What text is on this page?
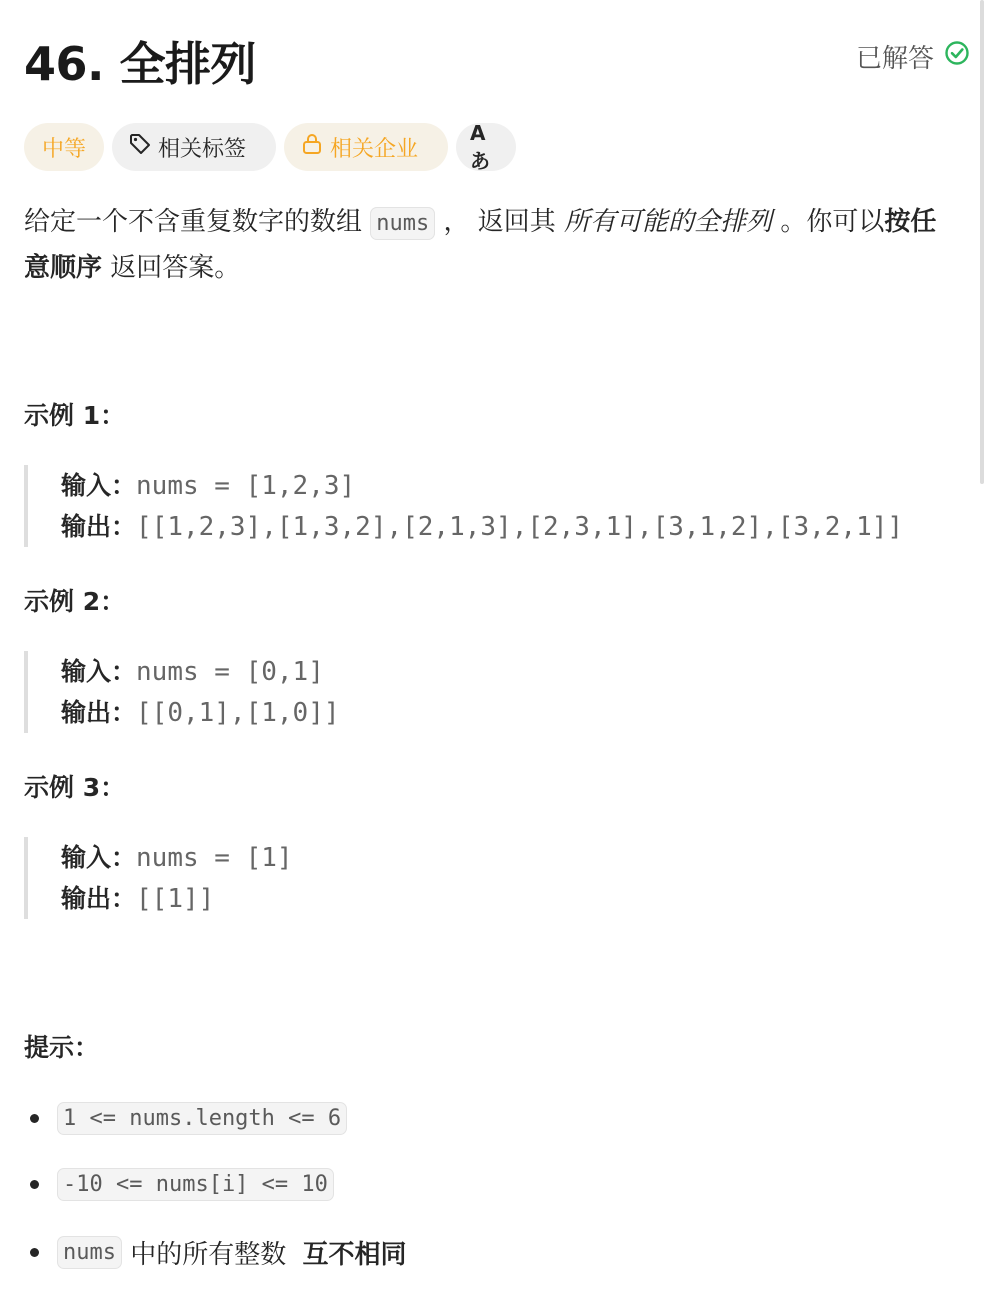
46. 全排列	已解答
中等	相关标签	相关企业
Aあ
给定一个不含重复数字的数组 nums ， 返回其 所有可能的全排列 。你可以按任意顺序 返回答案。
示例 1：
输入：nums = [1,2,3]
输出：[[1,2,3],[1,3,2],[2,1,3],[2,3,1],[3,1,2],[3,2,1]]
示例 2：
输入：nums = [0,1]
输出：[[0,1],[1,0]]
示例 3：
输入：nums = [1]
输出：[[1]]
提示：
1 <= nums.length <= 6
-10 <= nums[i] <= 10
nums 中的所有整数 互不相同
